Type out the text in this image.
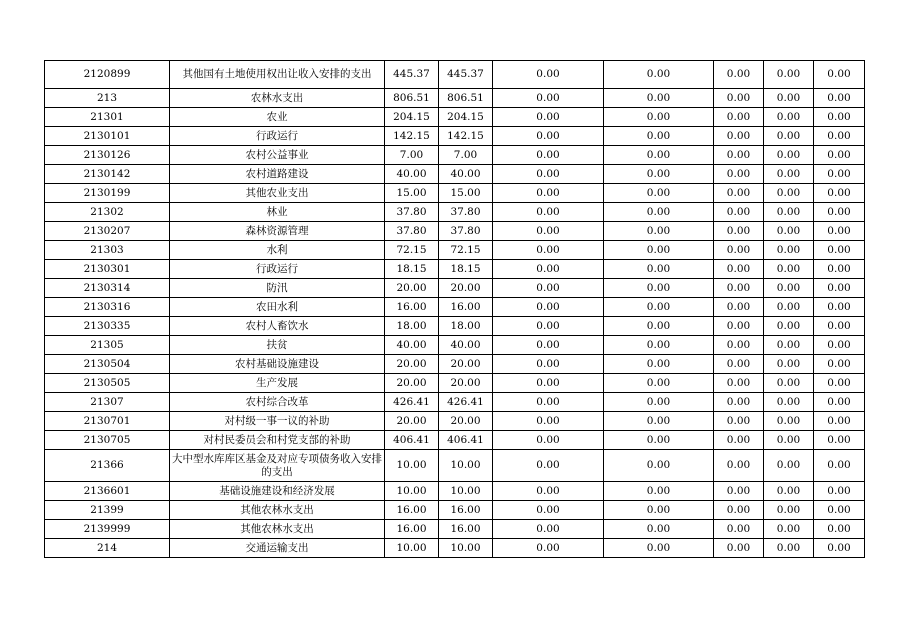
2120899	其他国有土地使用权出让收入安排的支出	445.37	445.37	0.00	0.00	0.00	0.00	0.00
213	农林水支出	806.51	806.51	0.00	0.00	0.00	0.00	0.00
21301	农业	204.15	204.15	0.00	0.00	0.00	0.00	0.00
2130101	行政运行	142.15	142.15	0.00	0.00	0.00	0.00	0.00
2130126	农村公益事业	7.00	7.00	0.00	0.00	0.00	0.00	0.00
2130142	农村道路建设	40.00	40.00	0.00	0.00	0.00	0.00	0.00
2130199	其他农业支出	15.00	15.00	0.00	0.00	0.00	0.00	0.00
21302	林业	37.80	37.80	0.00	0.00	0.00	0.00	0.00
2130207	森林资源管理	37.80	37.80	0.00	0.00	0.00	0.00	0.00
21303	水利	72.15	72.15	0.00	0.00	0.00	0.00	0.00
2130301	行政运行	18.15	18.15	0.00	0.00	0.00	0.00	0.00
2130314	防汛	20.00	20.00	0.00	0.00	0.00	0.00	0.00
2130316	农田水利	16.00	16.00	0.00	0.00	0.00	0.00	0.00
2130335	农村人畜饮水	18.00	18.00	0.00	0.00	0.00	0.00	0.00
21305	扶贫	40.00	40.00	0.00	0.00	0.00	0.00	0.00
2130504	农村基础设施建设	20.00	20.00	0.00	0.00	0.00	0.00	0.00
2130505	生产发展	20.00	20.00	0.00	0.00	0.00	0.00	0.00
21307	农村综合改革	426.41	426.41	0.00	0.00	0.00	0.00	0.00
2130701	对村级一事一议的补助	20.00	20.00	0.00	0.00	0.00	0.00	0.00
2130705	对村民委员会和村党支部的补助	406.41	406.41	0.00	0.00	0.00	0.00	0.00
21366	大中型水库库区基金及对应专项债务收入安排的支出	10.00	10.00	0.00	0.00	0.00	0.00	0.00
2136601	基础设施建设和经济发展	10.00	10.00	0.00	0.00	0.00	0.00	0.00
21399	其他农林水支出	16.00	16.00	0.00	0.00	0.00	0.00	0.00
2139999	其他农林水支出	16.00	16.00	0.00	0.00	0.00	0.00	0.00
214	交通运输支出	10.00	10.00	0.00	0.00	0.00	0.00	0.00
